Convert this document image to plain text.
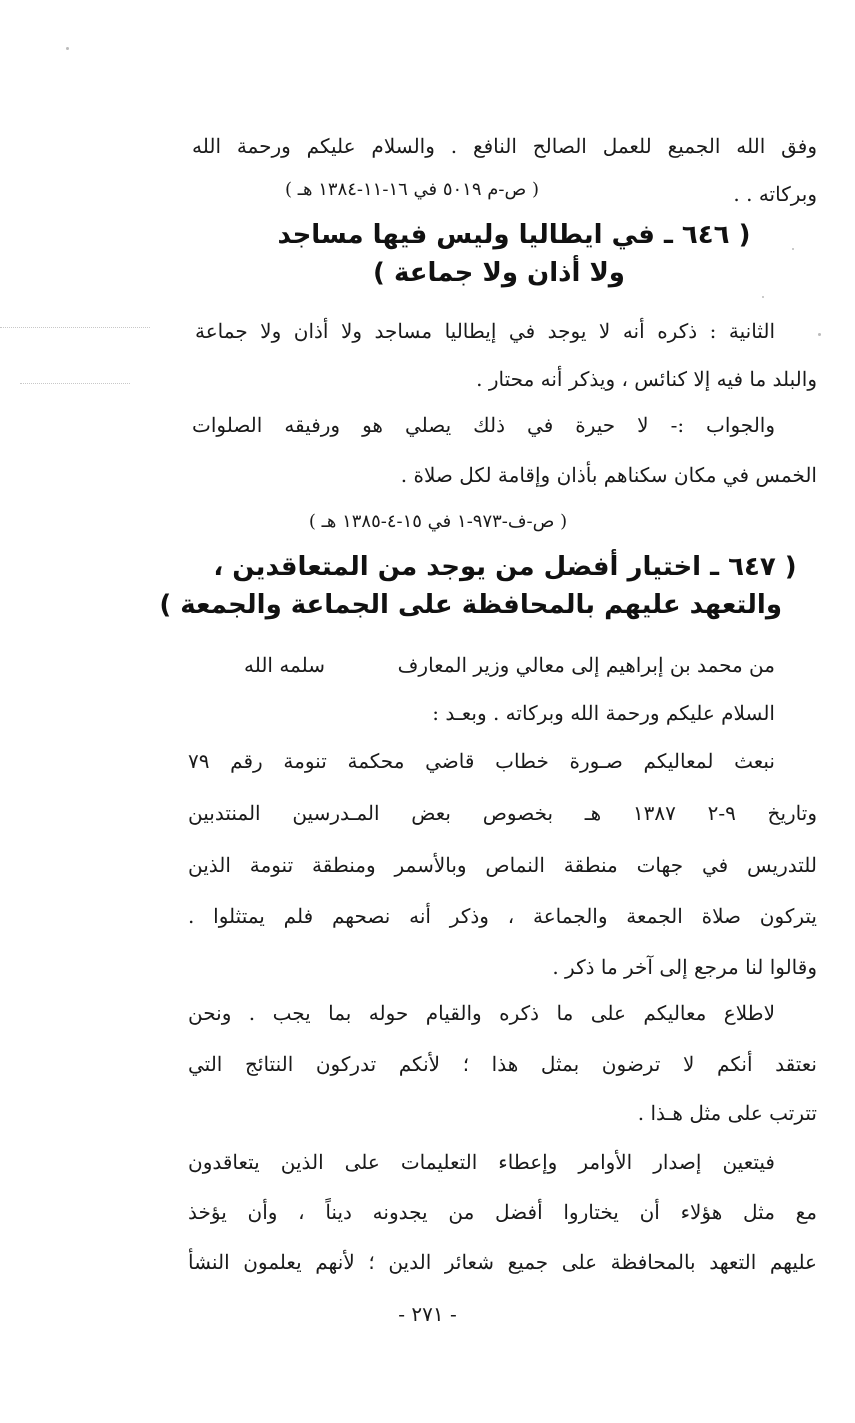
وفق الله الجميع للعمل الصالح النافع . والسلام عليكم ورحمة الله
وبركاته . .
( ص-م ٥٠١٩ في ١٦-١١-١٣٨٤ هـ )
( ٦٤٦ ـ في ايطاليا وليس فيها مساجد
ولا أذان ولا جماعة )
الثانية : ذكره أنه لا يوجد في إيطاليا مساجد ولا أذان ولا جماعة
والبلد ما فيه إلا كنائس ، ويذكر أنه محتار .
والجواب :- لا حيرة في ذلك يصلي هو ورفيقه الصلوات
الخمس في مكان سكناهم بأذان وإقامة لكل صلاة .
( ص-ف-٩٧٣-١ في ١٥-٤-١٣٨٥ هـ )
( ٦٤٧ ـ اختيار أفضل من يوجد من المتعاقدين ،
والتعهد عليهم بالمحافظة على الجماعة والجمعة )
من محمد بن إبراهيم إلى معالي وزير المعارف
سلمه الله
السلام عليكم ورحمة الله وبركاته . وبعـد :
نبعث لمعاليكم صـورة خطاب قاضي محكمة تنومة رقم ٧٩
وتاريخ ٩-٢ ١٣٨٧ هـ بخصوص بعض المـدرسين المنتدبين
للتدريس في جهات منطقة النماص وبالأسمر ومنطقة تنومة الذين
يتركون صلاة الجمعة والجماعة ، وذكر أنه نصحهم فلم يمتثلوا .
وقالوا لنا مرجع إلى آخر ما ذكر .
لاطلاع معاليكم على ما ذكره والقيام حوله بما يجب . ونحن
نعتقد أنكم لا ترضون بمثل هذا ؛ لأنكم تدركون النتائج التي
تترتب على مثل هـذا .
فيتعين إصدار الأوامر وإعطاء التعليمات على الذين يتعاقدون
مع مثل هؤلاء أن يختاروا أفضل من يجدونه ديناً ، وأن يؤخذ
عليهم التعهد بالمحافظة على جميع شعائر الدين ؛ لأنهم يعلمون النشأ
- ٢٧١ -
